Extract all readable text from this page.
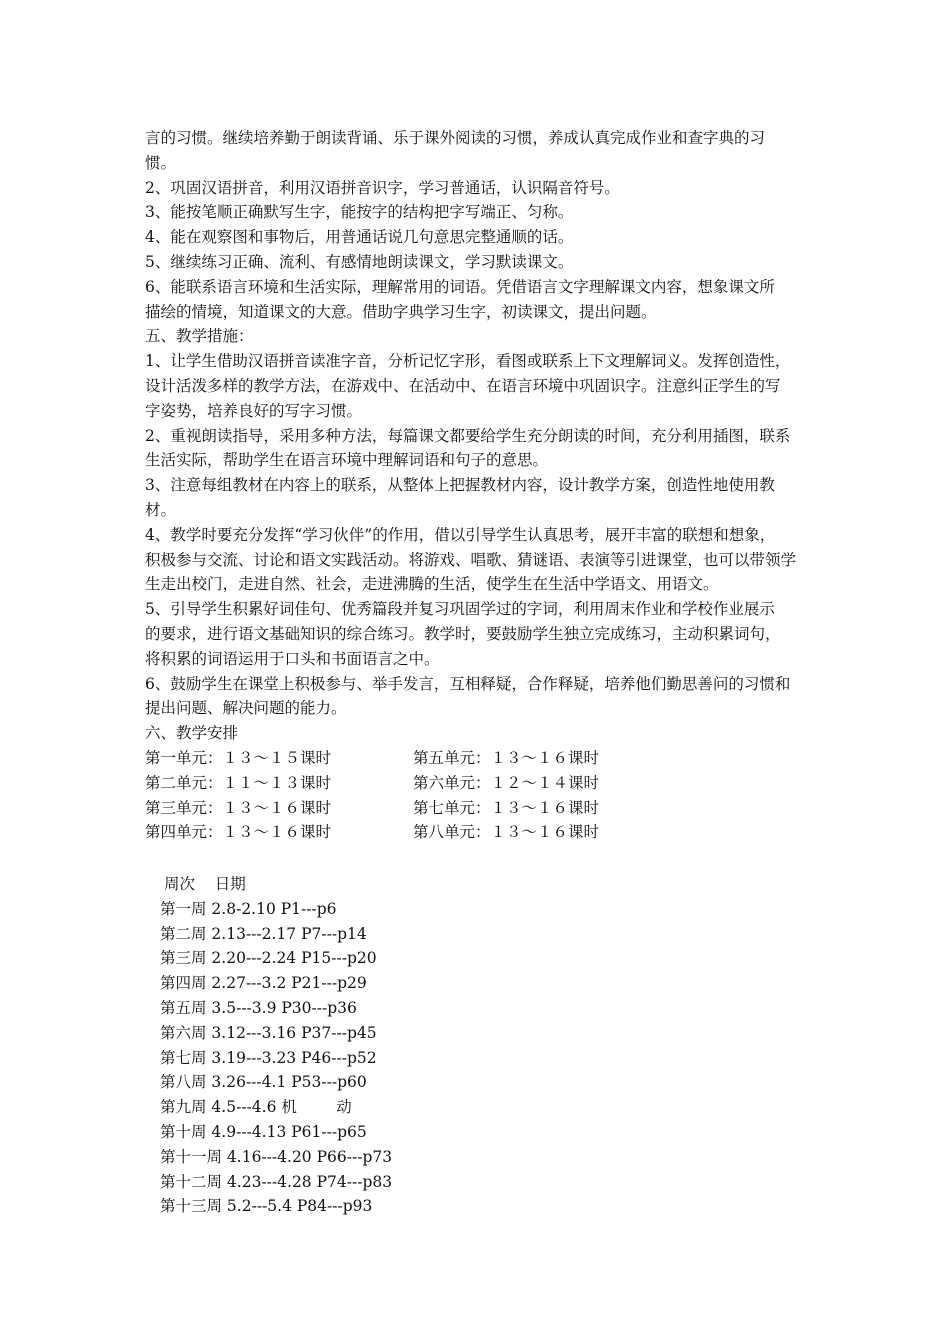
言的习惯。继续培养勤于朗读背诵、乐于课外阅读的习惯，养成认真完成作业和查字典的习
惯。
2、巩固汉语拼音，利用汉语拼音识字，学习普通话，认识隔音符号。
3、能按笔顺正确默写生字，能按字的结构把字写端正、匀称。
4、能在观察图和事物后，用普通话说几句意思完整通顺的话。
5、继续练习正确、流利、有感情地朗读课文，学习默读课文。
6、能联系语言环境和生活实际，理解常用的词语。凭借语言文字理解课文内容，想象课文所
描绘的情境，知道课文的大意。借助字典学习生字，初读课文，提出问题。
五、教学措施：
1、让学生借助汉语拼音读准字音，分析记忆字形，看图或联系上下文理解词义。发挥创造性，
设计活泼多样的教学方法，在游戏中、在活动中、在语言环境中巩固识字。注意纠正学生的写
字姿势，培养良好的写字习惯。
2、重视朗读指导，采用多种方法，每篇课文都要给学生充分朗读的时间，充分利用插图，联系
生活实际，帮助学生在语言环境中理解词语和句子的意思。
3、注意每组教材在内容上的联系，从整体上把握教材内容，设计教学方案，创造性地使用教
材。
4、教学时要充分发挥“学习伙伴”的作用，借以引导学生认真思考，展开丰富的联想和想象，
积极参与交流、讨论和语文实践活动。将游戏、唱歌、猜谜语、表演等引进课堂，也可以带领学
生走出校门，走进自然、社会，走进沸腾的生活，使学生在生活中学语文、用语文。
5、引导学生积累好词佳句、优秀篇段并复习巩固学过的字词，利用周末作业和学校作业展示
的要求，进行语文基础知识的综合练习。教学时，要鼓励学生独立完成练习，主动积累词句，
将积累的词语运用于口头和书面语言之中。
6、鼓励学生在课堂上积极参与、举手发言，互相释疑，合作释疑，培养他们勤思善问的习惯和
提出问题、解决问题的能力。
六、教学安排
第一单元：１３～１５课时	第五单元：１３～１６课时
第二单元：１１～１３课时	第六单元：１２～１４课时
第三单元：１３～１６课时	第七单元：１３～１６课时
第四单元：１３～１６课时	第八单元：１３～１６课时
周次    日期
第一周 2.8-2.10 P1---p6
第二周 2.13---2.17 P7---p14
第三周 2.20---2.24 P15---p20
第四周 2.27---3.2 P21---p29
第五周 3.5---3.9 P30---p36
第六周 3.12---3.16 P37---p45
第七周 3.19---3.23 P46---p52
第八周 3.26---4.1 P53---p60
第九周 4.5---4.6 机        动
第十周 4.9---4.13 P61---p65
第十一周 4.16---4.20 P66---p73
第十二周 4.23---4.28 P74---p83
第十三周 5.2---5.4 P84---p93
